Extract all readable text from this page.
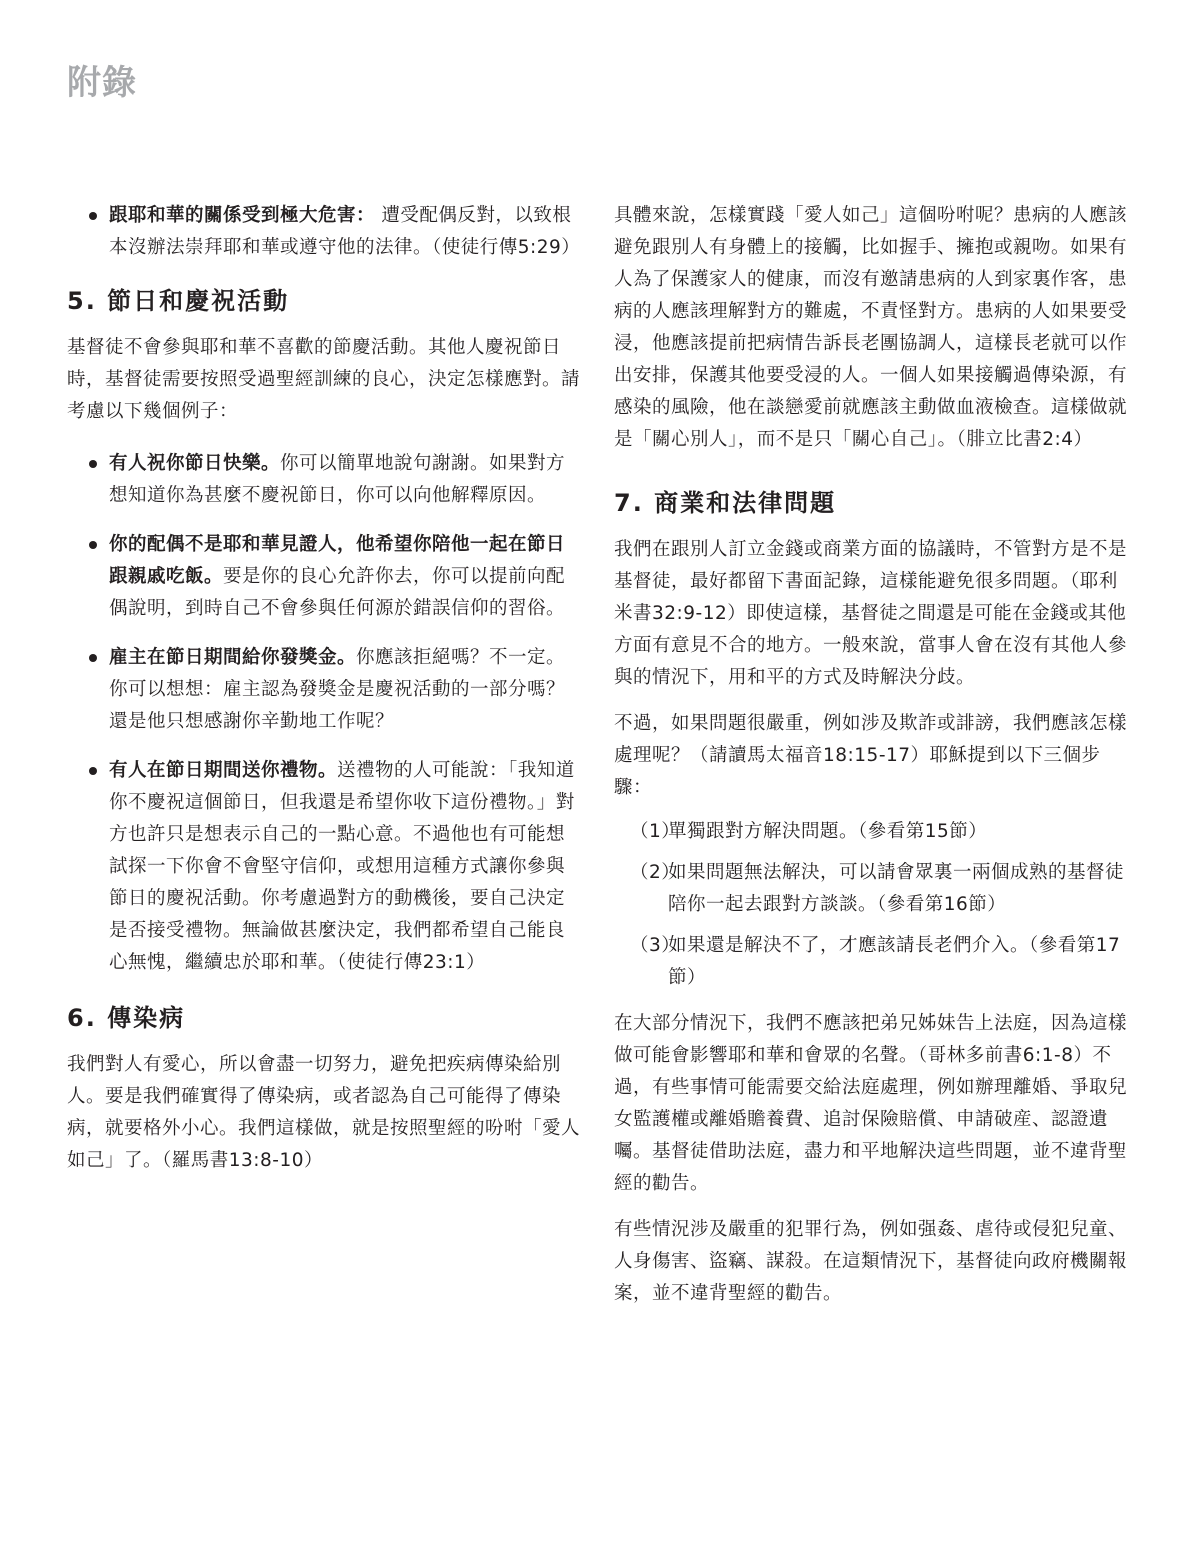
附錄
跟耶和華的關係受到極大危害： 遭受配偶反對，以致根本沒辦法崇拜耶和華或遵守他的法律。（使徒行傳5:29）
5. 節日和慶祝活動

基督徒不會參與耶和華不喜歡的節慶活動。其他人慶祝節日時，基督徒需要按照受過聖經訓練的良心，決定怎樣應對。請考慮以下幾個例子：

有人祝你節日快樂。你可以簡單地說句謝謝。如果對方想知道你為甚麼不慶祝節日，你可以向他解釋原因。
你的配偶不是耶和華見證人，他希望你陪他一起在節日跟親戚吃飯。要是你的良心允許你去，你可以提前向配偶說明，到時自己不會參與任何源於錯誤信仰的習俗。
雇主在節日期間給你發獎金。你應該拒絕嗎？不一定。你可以想想：雇主認為發獎金是慶祝活動的一部分嗎？還是他只想感謝你辛勤地工作呢？
有人在節日期間送你禮物。送禮物的人可能說：「我知道你不慶祝這個節日，但我還是希望你收下這份禮物。」對方也許只是想表示自己的一點心意。不過他也有可能想試探一下你會不會堅守信仰，或想用這種方式讓你參與節日的慶祝活動。你考慮過對方的動機後，要自己決定是否接受禮物。無論做甚麼決定，我們都希望自己能良心無愧，繼續忠於耶和華。（使徒行傳23:1）
6. 傳染病

我們對人有愛心，所以會盡一切努力，避免把疾病傳染給別人。要是我們確實得了傳染病，或者認為自己可能得了傳染病，就要格外小心。我們這樣做，就是按照聖經的吩咐「愛人如己」了。（羅馬書13:8-10）

具體來說，怎樣實踐「愛人如己」這個吩咐呢？患病的人應該避免跟別人有身體上的接觸，比如握手、擁抱或親吻。如果有人為了保護家人的健康，而沒有邀請患病的人到家裏作客，患病的人應該理解對方的難處，不責怪對方。患病的人如果要受浸，他應該提前把病情告訴長老團協調人，這樣長老就可以作出安排，保護其他要受浸的人。一個人如果接觸過傳染源，有感染的風險，他在談戀愛前就應該主動做血液檢查。這樣做就是「關心別人」，而不是只「關心自己」。（腓立比書2:4）

7. 商業和法律問題

我們在跟別人訂立金錢或商業方面的協議時，不管對方是不是基督徒，最好都留下書面記錄，這樣能避免很多問題。（耶利米書32:9-12）即使這樣，基督徒之間還是可能在金錢或其他方面有意見不合的地方。一般來說，當事人會在沒有其他人參與的情況下，用和平的方式及時解決分歧。

不過，如果問題很嚴重，例如涉及欺詐或誹謗，我們應該怎樣處理呢？（請讀馬太福音18:15-17）耶穌提到以下三個步驟：

（1）
單獨跟對方解決問題。（參看第15節）
（2）
如果問題無法解決，可以請會眾裏一兩個成熟的基督徒陪你一起去跟對方談談。（參看第16節）
（3）
如果還是解決不了，才應該請長老們介入。（參看第17節）

在大部分情況下，我們不應該把弟兄姊妹告上法庭，因為這樣做可能會影響耶和華和會眾的名聲。（哥林多前書6:1-8）不過，有些事情可能需要交給法庭處理，例如辦理離婚、爭取兒女監護權或離婚贍養費、追討保險賠償、申請破産、認證遺囑。基督徒借助法庭，盡力和平地解決這些問題，並不違背聖經的勸告。

有些情況涉及嚴重的犯罪行為，例如强姦、虐待或侵犯兒童、人身傷害、盜竊、謀殺。在這類情況下，基督徒向政府機關報案，並不違背聖經的勸告。
